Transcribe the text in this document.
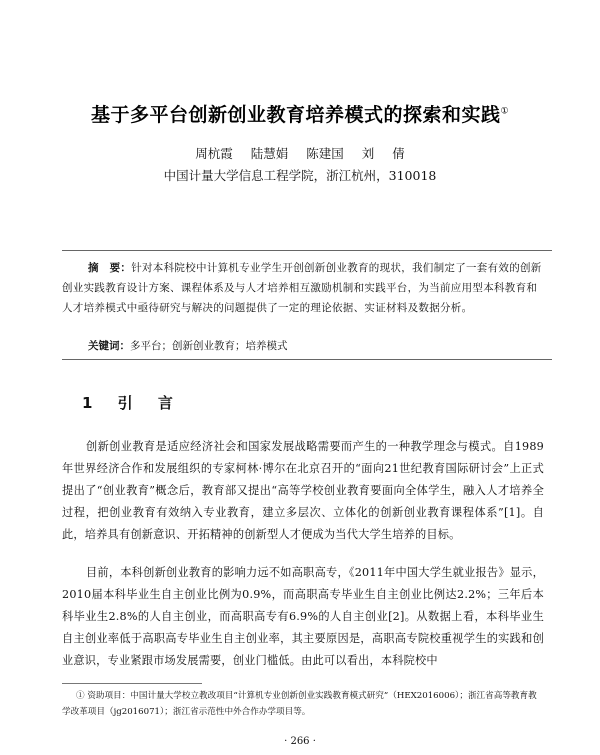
基于多平台创新创业教育培养模式的探索和实践①
周杭霞 陆慧娟 陈建国 刘 倩
中国计量大学信息工程学院，浙江杭州，310018
摘　要：针对本科院校中计算机专业学生开创创新创业教育的现状，我们制定了一套有效的创新创业实践教育设计方案、课程体系及与人才培养相互激励机制和实践平台，为当前应用型本科教育和人才培养模式中亟待研究与解决的问题提供了一定的理论依据、实证材料及数据分析。
关键词：多平台；创新创业教育；培养模式
1 引 言
创新创业教育是适应经济社会和国家发展战略需要而产生的一种教学理念与模式。自1989年世界经济合作和发展组织的专家柯林·博尔在北京召开的“面向21世纪教育国际研讨会”上正式提出了“创业教育”概念后，教育部又提出“高等学校创业教育要面向全体学生，融入人才培养全过程，把创业教育有效纳入专业教育，建立多层次、立体化的创新创业教育课程体系”[1]。自此，培养具有创新意识、开拓精神的创新型人才便成为当代大学生培养的目标。
目前，本科创新创业教育的影响力远不如高职高专，《2011年中国大学生就业报告》显示，2010届本科毕业生自主创业比例为0.9%，而高职高专毕业生自主创业比例达2.2%；三年后本科毕业生2.8%的人自主创业，而高职高专有6.9%的人自主创业[2]。从数据上看，本科毕业生自主创业率低于高职高专毕业生自主创业率，其主要原因是，高职高专院校重视学生的实践和创业意识，专业紧跟市场发展需要，创业门槛低。由此可以看出，本科院校中
① 资助项目：中国计量大学校立教改项目“计算机专业创新创业实践教育模式研究”（HEX2016006）；浙江省高等教育教学改革项目（jg2016071）；浙江省示范性中外合作办学项目等。
· 266 ·
